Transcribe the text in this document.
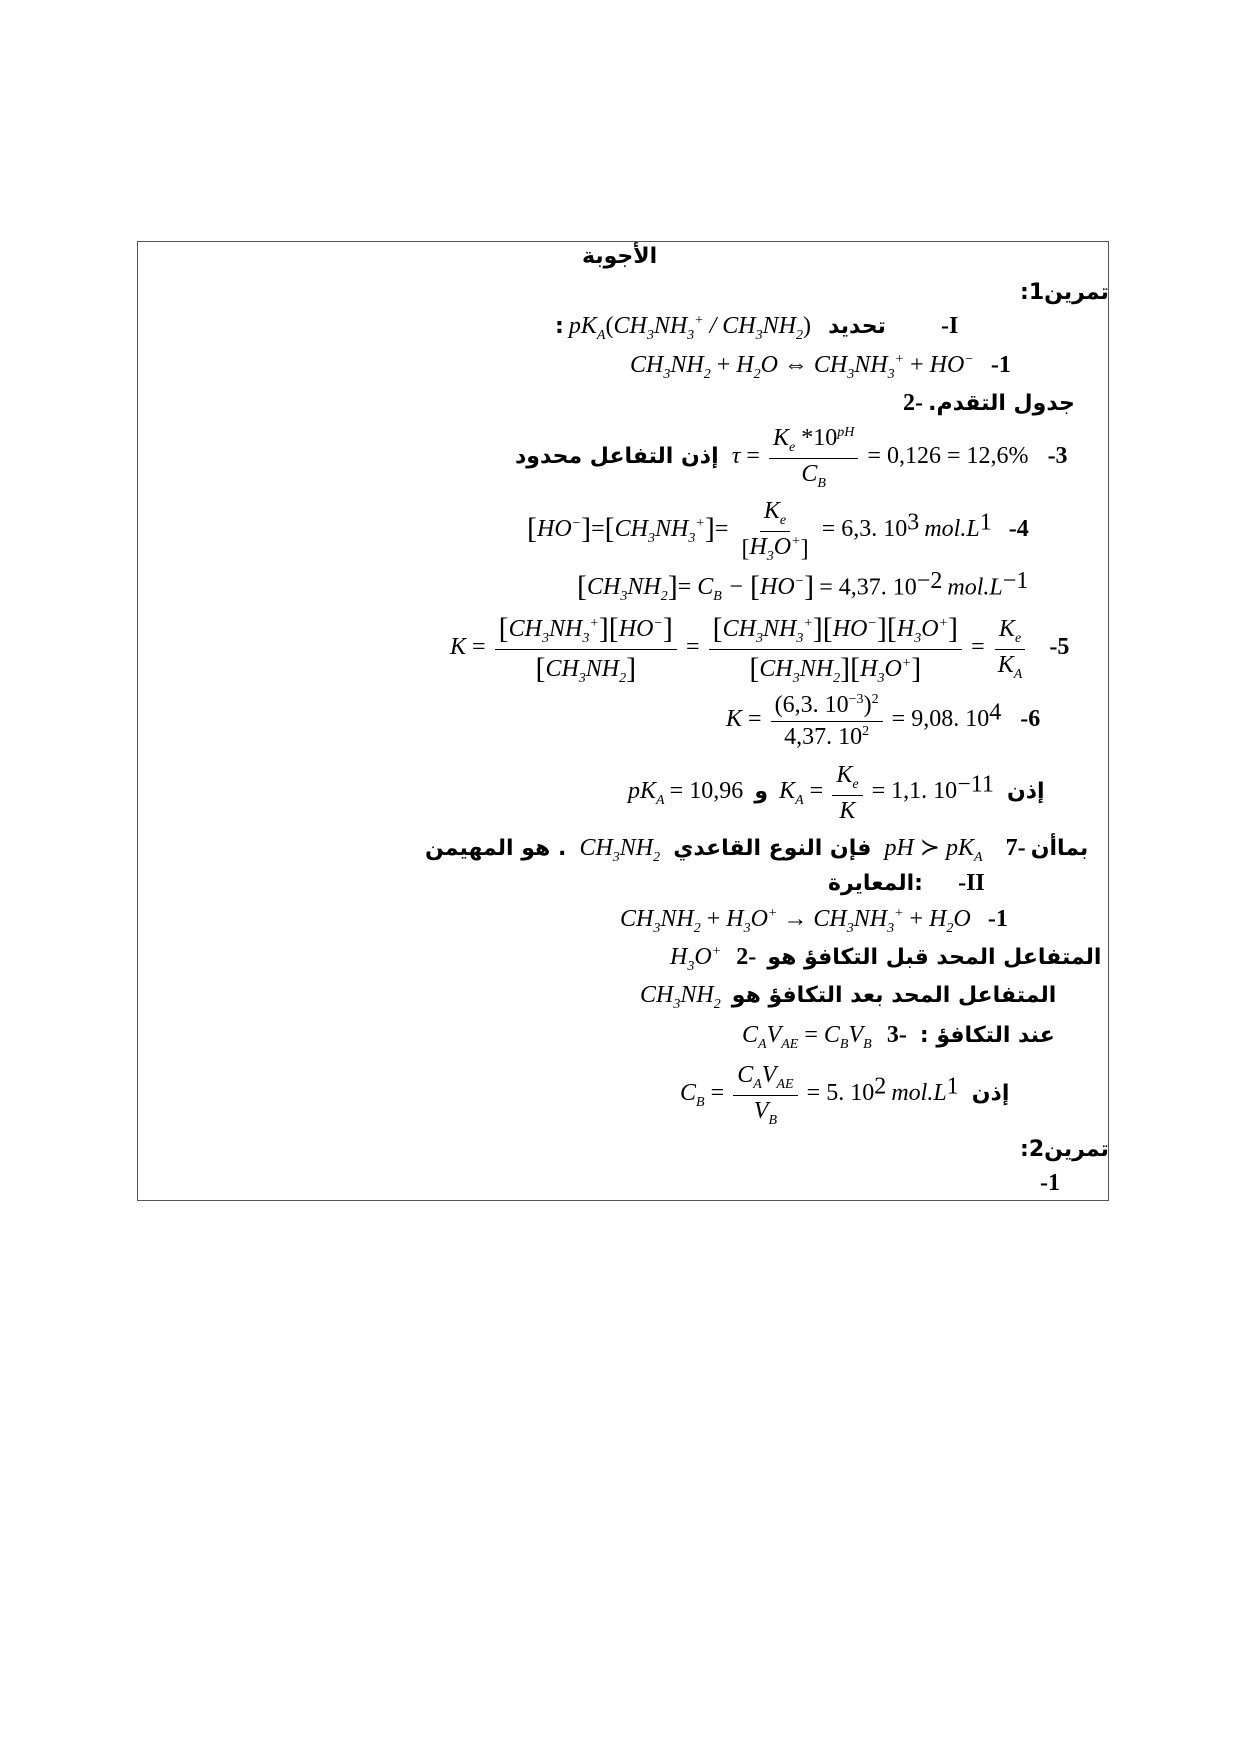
الأجوبة
تمرين1:
: $pK_A(CH_3NH_3^+ / CH_3NH_2)$ تحديد -I
$CH_3NH_2 + H_2O$ ⇔ $CH_3NH_3^+ + HO^-$ -1
جدول التقدم. -2
إذن التفاعل محدود $\tau = \frac{K_e *10^{pH}}{C_B} = 0,126 = 12,6\%$ -3
$[HO^-]=[CH_3NH_3^+]= \frac{K_e}{[H_3O^+]} = 6,3$. $10^3$ $mol.L^1$ -4
$[CH_3NH_2]= C_B - [HO^-] = 4,37$. $10^{-2}$ $mol.L^{-1}$
$K = \frac{[CH_3NH_3^+][HO^-]}{[CH_3NH_2]} = \frac{[CH_3NH_3^+][HO^-][H_3O^+]}{[CH_3NH_2][H_3O^+]} = \frac{K_e}{K_A} -5$
$K = \frac{(6,3. 10^{-3})^2}{4,37. 10^2} = 9,08$. $10^4$ -6
$pK_A = 10,96$ و $K_A = \frac{K_e}{K} = 1,1$. $10^{-11}$ إذن
هو المهيمن . $CH_3NH_2$ فإن النوع القاعدي pH ≻ $pK_A$ بماأن -7
المعايرة: -II
$CH_3NH_2 + H_3O^+ \to CH_3NH_3^+ + H_2O$ -1
$H_3O^+$ المتفاعل المحد قبل التكافؤ هو -2
$CH_3NH_2$ المتفاعل المحد بعد التكافؤ هو
$C_AV_{AE} = C_BV_B$ عند التكافؤ : -3
$C_B = \frac{C_AV_{AE}}{V_B} = 5$. $10^2$ $mol.L^1$ إذن
تمرين2:
-1
